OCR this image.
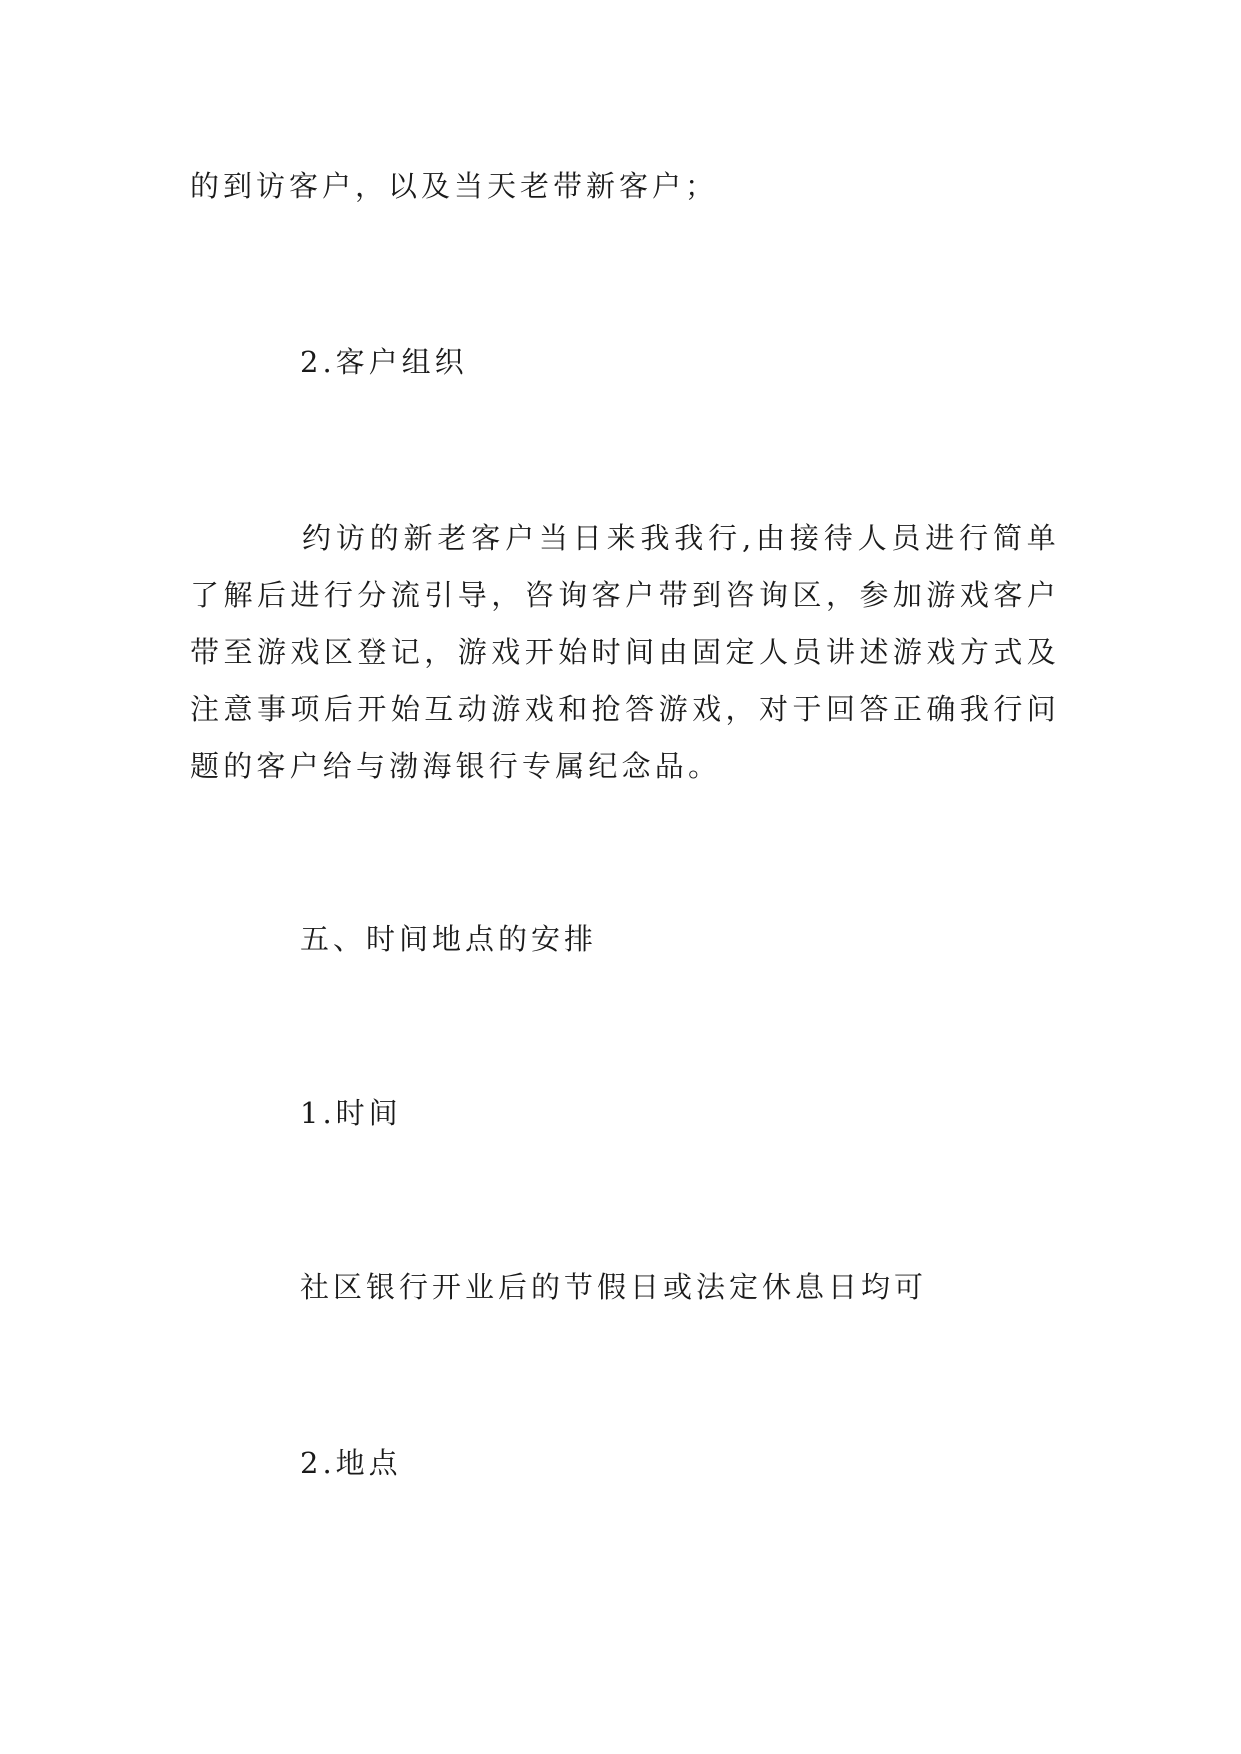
的到访客户，以及当天老带新客户；
2.客户组织
约访的新老客户当日来我我行,由接待人员进行简单了解后进行分流引导，咨询客户带到咨询区，参加游戏客户带至游戏区登记，游戏开始时间由固定人员讲述游戏方式及注意事项后开始互动游戏和抢答游戏，对于回答正确我行问题的客户给与渤海银行专属纪念品。
五、时间地点的安排
1.时间
社区银行开业后的节假日或法定休息日均可
2.地点
